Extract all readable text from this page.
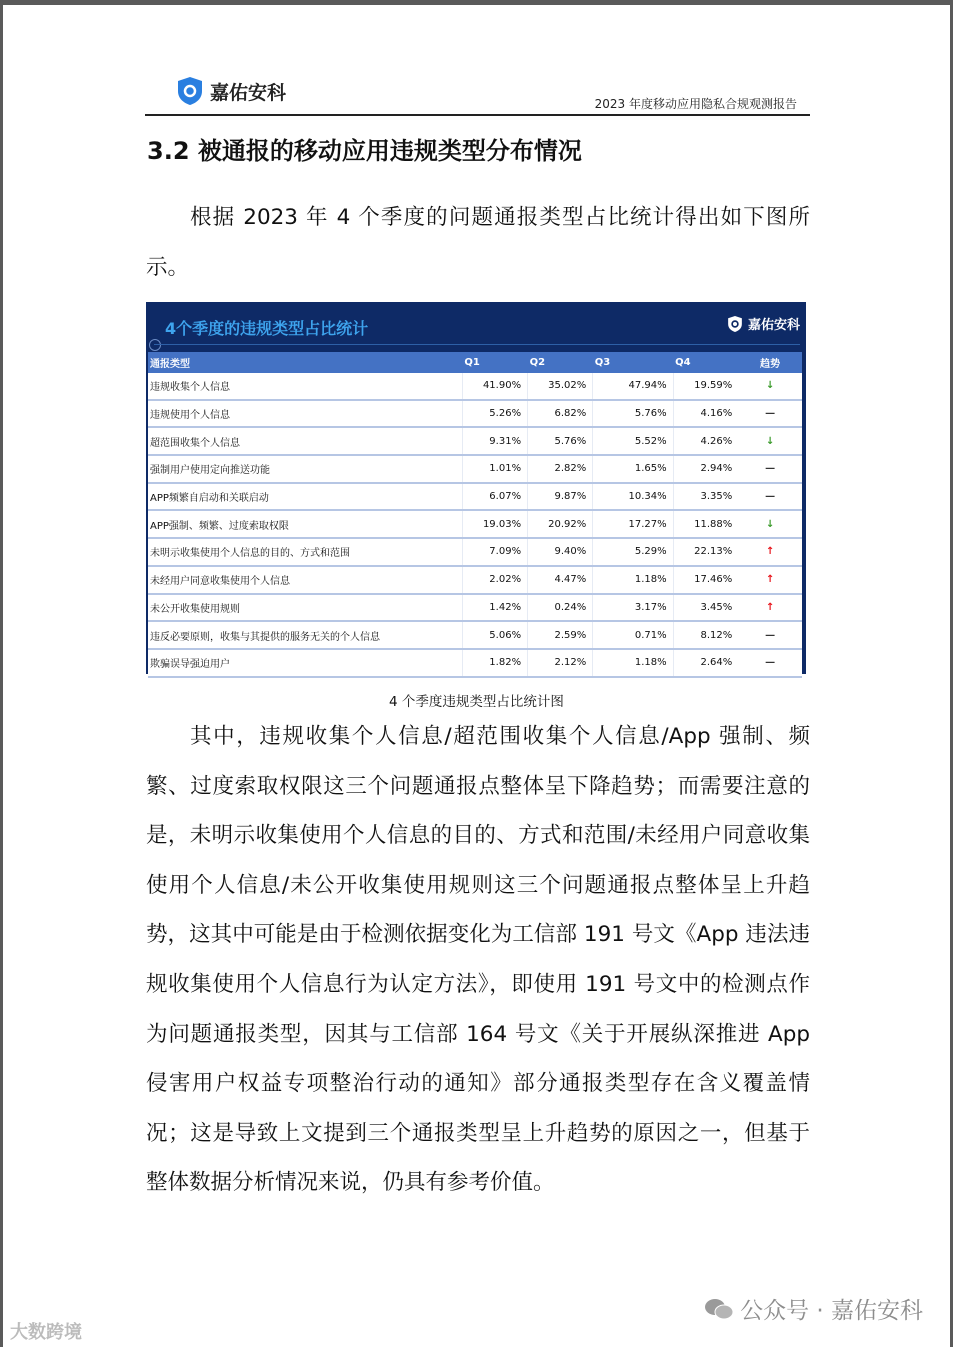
嘉佑安科
2023 年度移动应用隐私合规观测报告
3.2 被通报的移动应用违规类型分布情况
根据 2023 年 4 个季度的问题通报类型占比统计得出如下图所示。
4个季度的违规类型占比统计	嘉佑安科
通报类型	Q1	Q2	Q3	Q4	趋势
违规收集个人信息	41.90%	35.02%	47.94%	19.59%	↓
违规使用个人信息	5.26%	6.82%	5.76%	4.16%	—
超范围收集个人信息	9.31%	5.76%	5.52%	4.26%	↓
强制用户使用定向推送功能	1.01%	2.82%	1.65%	2.94%	—
APP频繁自启动和关联启动	6.07%	9.87%	10.34%	3.35%	—
APP强制、频繁、过度索取权限	19.03%	20.92%	17.27%	11.88%	↓
未明示收集使用个人信息的目的、方式和范围	7.09%	9.40%	5.29%	22.13%	↑
未经用户同意收集使用个人信息	2.02%	4.47%	1.18%	17.46%	↑
未公开收集使用规则	1.42%	0.24%	3.17%	3.45%	↑
违反必要原则，收集与其提供的服务无关的个人信息	5.06%	2.59%	0.71%	8.12%	—
欺骗误导强迫用户	1.82%	2.12%	1.18%	2.64%	—
4 个季度违规类型占比统计图
其中，违规收集个人信息/超范围收集个人信息/App 强制、频繁、过度索取权限这三个问题通报点整体呈下降趋势；而需要注意的是，未明示收集使用个人信息的目的、方式和范围/未经用户同意收集使用个人信息/未公开收集使用规则这三个问题通报点整体呈上升趋势，这其中可能是由于检测依据变化为工信部 191 号文《App 违法违规收集使用个人信息行为认定方法》，即使用 191 号文中的检测点作为问题通报类型，因其与工信部 164 号文《关于开展纵深推进 App 侵害用户权益专项整治行动的通知》部分通报类型存在含义覆盖情况；这是导致上文提到三个通报类型呈上升趋势的原因之一，但基于整体数据分析情况来说，仍具有参考价值。
公众号 · 嘉佑安科
大数跨境
